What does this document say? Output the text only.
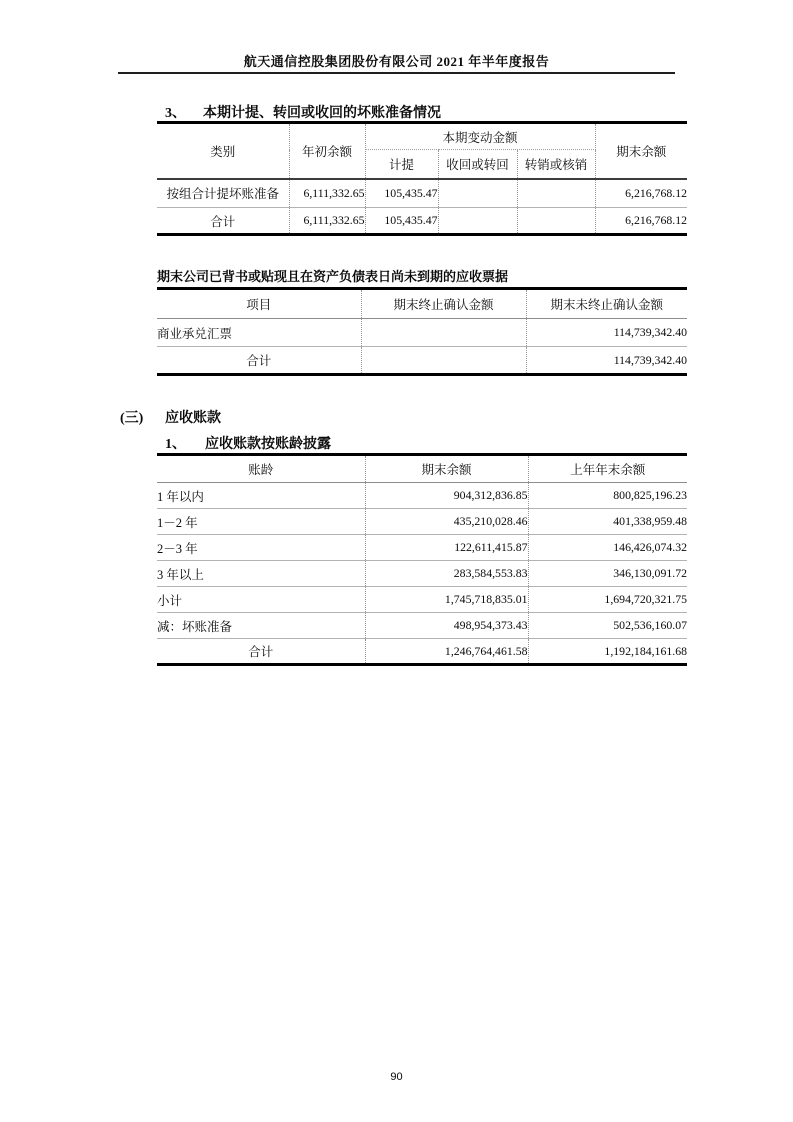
航天通信控股集团股份有限公司 2021 年半年度报告
3、 本期计提、转回或收回的坏账准备情况
类别	年初余额	本期变动金额			期末余额
		计提	收回或转回	转销或核销	
按组合计提坏账准备	6,111,332.65	105,435.47			6,216,768.12
合计	6,111,332.65	105,435.47			6,216,768.12
期末公司已背书或贴现且在资产负债表日尚未到期的应收票据
项目	期末终止确认金额	期末未终止确认金额
商业承兑汇票		114,739,342.40
合计		114,739,342.40
(三) 应收账款
1、 应收账款按账龄披露
账龄	期末余额	上年年末余额
1 年以内	904,312,836.85	800,825,196.23
1－2 年	435,210,028.46	401,338,959.48
2－3 年	122,611,415.87	146,426,074.32
3 年以上	283,584,553.83	346,130,091.72
小计	1,745,718,835.01	1,694,720,321.75
减：坏账准备	498,954,373.43	502,536,160.07
合计	1,246,764,461.58	1,192,184,161.68
90
